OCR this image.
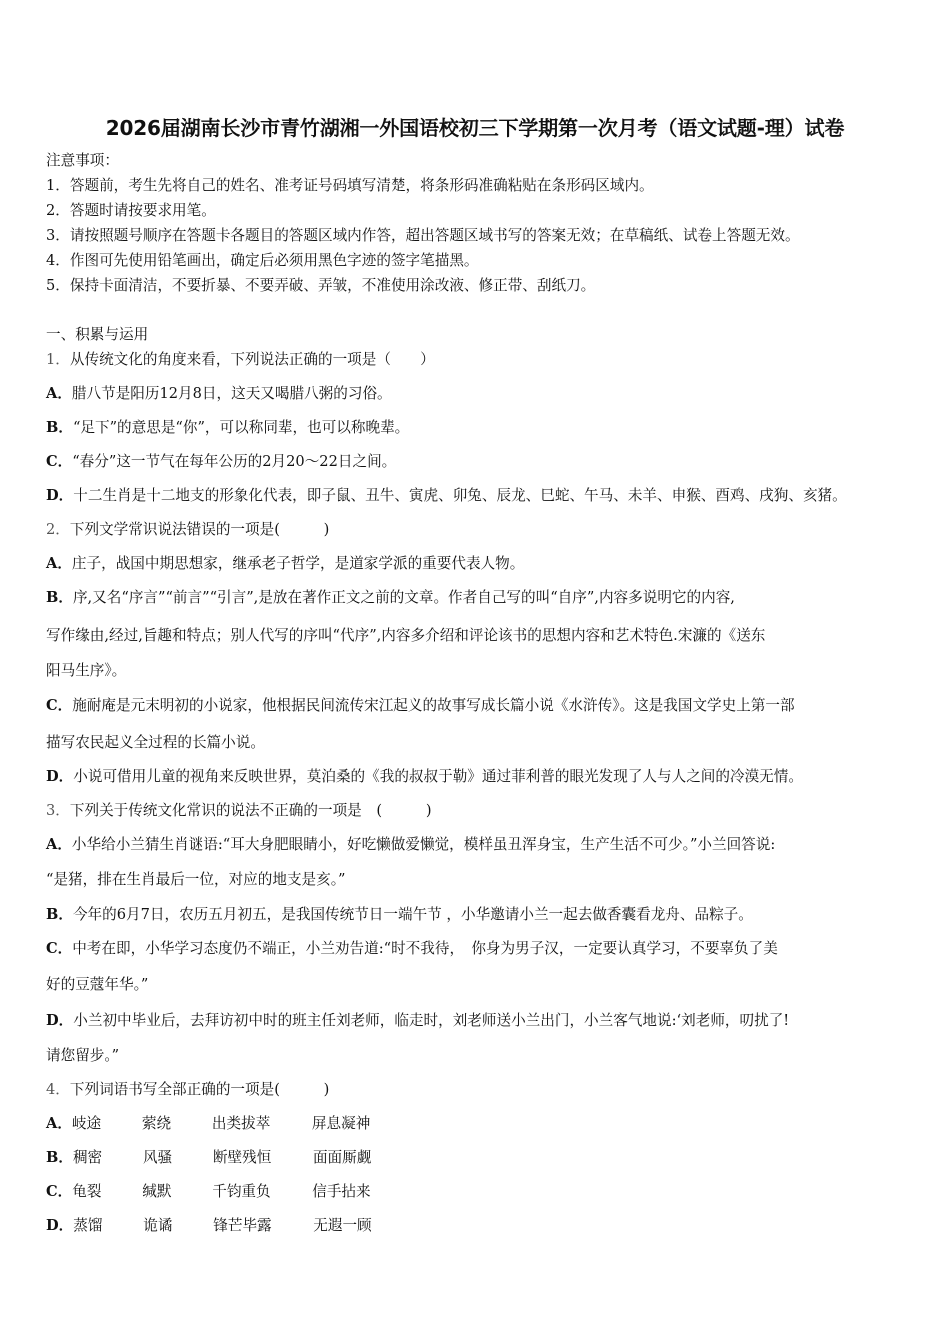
2026届湖南长沙市青竹湖湘一外国语校初三下学期第一次月考（语文试题-理）试卷
注意事项：
1．答题前，考生先将自己的姓名、准考证号码填写清楚，将条形码准确粘贴在条形码区域内。
2．答题时请按要求用笔。
3．请按照题号顺序在答题卡各题目的答题区域内作答，超出答题区域书写的答案无效；在草稿纸、试卷上答题无效。
4．作图可先使用铅笔画出，确定后必须用黑色字迹的签字笔描黑。
5．保持卡面清洁，不要折暴、不要弄破、弄皱，不准使用涂改液、修正带、刮纸刀。
一、积累与运用
1．从传统文化的角度来看，下列说法正确的一项是（　　）
A．腊八节是阳历12月8日，这天又喝腊八粥的习俗。
B．“足下”的意思是“你”，可以称同辈，也可以称晚辈。
C．“春分”这一节气在每年公历的2月20～22日之间。
D．十二生肖是十二地支的形象化代表，即子鼠、丑牛、寅虎、卯兔、辰龙、巳蛇、午马、未羊、申猴、酉鸡、戌狗、亥猪。
2．下列文学常识说法错误的一项是(　　　)
A．庄子，战国中期思想家，继承老子哲学，是道家学派的重要代表人物。
B．序,又名“序言”“前言”“引言”,是放在著作正文之前的文章。作者自己写的叫“自序”,内容多说明它的内容,
写作缘由,经过,旨趣和特点；别人代写的序叫“代序”,内容多介绍和评论该书的思想内容和艺术特色.宋濂的《送东
阳马生序》。
C．施耐庵是元末明初的小说家，他根据民间流传宋江起义的故事写成长篇小说《水浒传》。这是我国文学史上第一部
描写农民起义全过程的长篇小说。
D．小说可借用儿童的视角来反映世界，莫泊桑的《我的叔叔于勒》通过菲利普的眼光发现了人与人之间的冷漠无情。
3．下列关于传统文化常识的说法不正确的一项是　(　　　)
A．小华给小兰猜生肖谜语:“耳大身肥眼睛小，好吃懒做爱懒觉，模样虽丑浑身宝，生产生活不可少。”小兰回答说:
“是猪，排在生肖最后一位，对应的地支是亥。”
B．今年的6月7日，农历五月初五，是我国传统节日一端午节 ，小华邀请小兰一起去做香囊看龙舟、品粽子。
C．中考在即，小华学习态度仍不端正，小兰劝告道:“时不我待，　你身为男子汉，一定要认真学习，不要辜负了美
好的豆蔻年华。”
D．小兰初中毕业后，去拜访初中时的班主任刘老师，临走时，刘老师送小兰出门，小兰客气地说:‘刘老师，叨扰了!
请您留步。”
4．下列词语书写全部正确的一项是(　　　)
A．岐途	萦绕	出类拔萃	屏息凝神
B．稠密	风骚	断壁残恒	面面厮觑
C．龟裂	缄默	千钧重负	信手拈来
D．蒸馏	诡谲	锋芒毕露	无遐一顾
